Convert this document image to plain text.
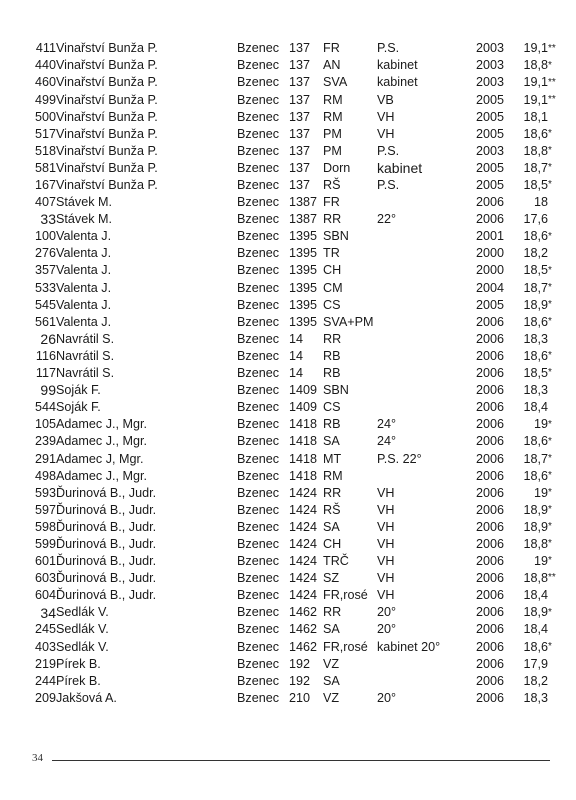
411	Vinařství Bunža P.	Bzenec	137	FR	P.S.	2003	19,1	**
440	Vinařství Bunža P.	Bzenec	137	AN	kabinet	2003	18,8	*
460	Vinařství Bunža P.	Bzenec	137	SVA	kabinet	2003	19,1	**
499	Vinařství Bunža P.	Bzenec	137	RM	VB	2005	19,1	**
500	Vinařství Bunža P.	Bzenec	137	RM	VH	2005	18,1	
517	Vinařství Bunža P.	Bzenec	137	PM	VH	2005	18,6	*
518	Vinařství Bunža P.	Bzenec	137	PM	P.S.	2003	18,8	*
581	Vinařství Bunža P.	Bzenec	137	Dorn	kabinet	2005	18,7	*
167	Vinařství Bunža P.	Bzenec	137	RŠ	P.S.	2005	18,5	*
407	Stávek M.	Bzenec	1387	FR		2006	18	
33	Stávek M.	Bzenec	1387	RR	22°	2006	17,6	
100	Valenta J.	Bzenec	1395	SBN		2001	18,6	*
276	Valenta J.	Bzenec	1395	TR		2000	18,2	
357	Valenta J.	Bzenec	1395	CH		2000	18,5	*
533	Valenta J.	Bzenec	1395	CM		2004	18,7	*
545	Valenta J.	Bzenec	1395	CS		2005	18,9	*
561	Valenta J.	Bzenec	1395	SVA+PM		2006	18,6	*
26	Navrátil S.	Bzenec	14	RR		2006	18,3	
116	Navrátil S.	Bzenec	14	RB		2006	18,6	*
117	Navrátil S.	Bzenec	14	RB		2006	18,5	*
99	Soják F.	Bzenec	1409	SBN		2006	18,3	
544	Soják F.	Bzenec	1409	CS		2006	18,4	
105	Adamec J., Mgr.	Bzenec	1418	RB	24°	2006	19	*
239	Adamec J., Mgr.	Bzenec	1418	SA	24°	2006	18,6	*
291	Adamec J, Mgr.	Bzenec	1418	MT	P.S. 22°	2006	18,7	*
498	Adamec J., Mgr.	Bzenec	1418	RM		2006	18,6	*
593	Ďurinová B., Judr.	Bzenec	1424	RR	VH	2006	19	*
597	Ďurinová B., Judr.	Bzenec	1424	RŠ	VH	2006	18,9	*
598	Ďurinová B., Judr.	Bzenec	1424	SA	VH	2006	18,9	*
599	Ďurinová B., Judr.	Bzenec	1424	CH	VH	2006	18,8	*
601	Ďurinová B., Judr.	Bzenec	1424	TRČ	VH	2006	19	*
603	Ďurinová B., Judr.	Bzenec	1424	SZ	VH	2006	18,8	**
604	Ďurinová B., Judr.	Bzenec	1424	FR,rosé	VH	2006	18,4	
34	Sedlák V.	Bzenec	1462	RR	20°	2006	18,9	*
245	Sedlák V.	Bzenec	1462	SA	20°	2006	18,4	
403	Sedlák V.	Bzenec	1462	FR,rosé	kabinet 20°	2006	18,6	*
219	Pírek B.	Bzenec	192	VZ		2006	17,9	
244	Pírek B.	Bzenec	192	SA		2006	18,2	
209	Jakšová A.	Bzenec	210	VZ	20°	2006	18,3	
34
